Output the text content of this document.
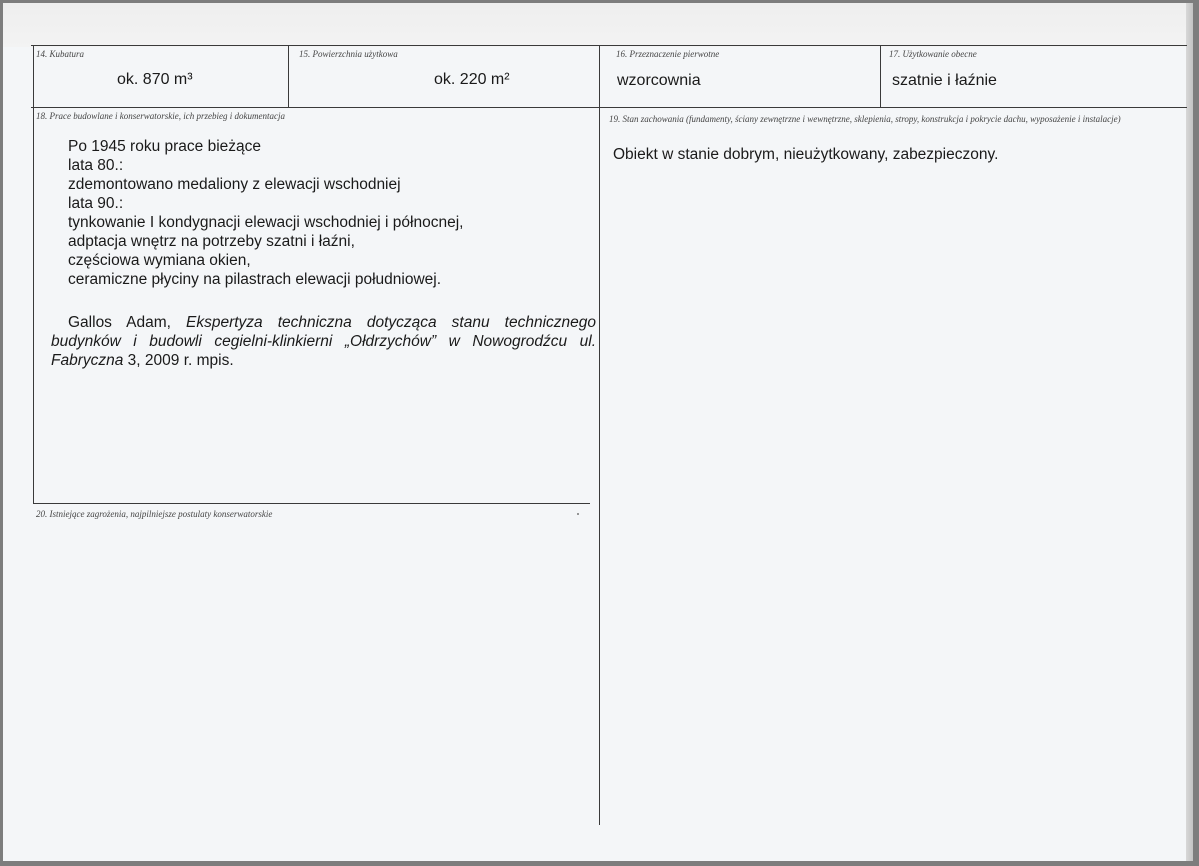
14. Kubatura
ok. 870 m³
15. Powierzchnia użytkowa
ok. 220 m²
16. Przeznaczenie pierwotne
wzorcownia
17. Użytkowanie obecne
szatnie i łaźnie
18. Prace budowlane i konserwatorskie, ich przebieg i dokumentacja
Po 1945 roku prace bieżące
lata 80.:
zdemontowano medaliony z elewacji wschodniej
lata 90.:
tynkowanie I kondygnacji elewacji wschodniej i północnej,
adptacja wnętrz na potrzeby szatni i łaźni,
częściowa wymiana okien,
ceramiczne płyciny na pilastrach elewacji południowej.
Gallos Adam, Ekspertyza techniczna dotycząca stanu technicznego budynków i budowli cegielni-klinkierni „Ołdrzychów” w Nowogrodźcu ul. Fabryczna 3, 2009 r. mpis.
19. Stan zachowania (fundamenty, ściany zewnętrzne i wewnętrzne, sklepienia, stropy, konstrukcja i pokrycie dachu, wyposażenie i instalacje)
Obiekt w stanie dobrym, nieużytkowany, zabezpieczony.
20. Istniejące zagrożenia, najpilniejsze postulaty konserwatorskie
